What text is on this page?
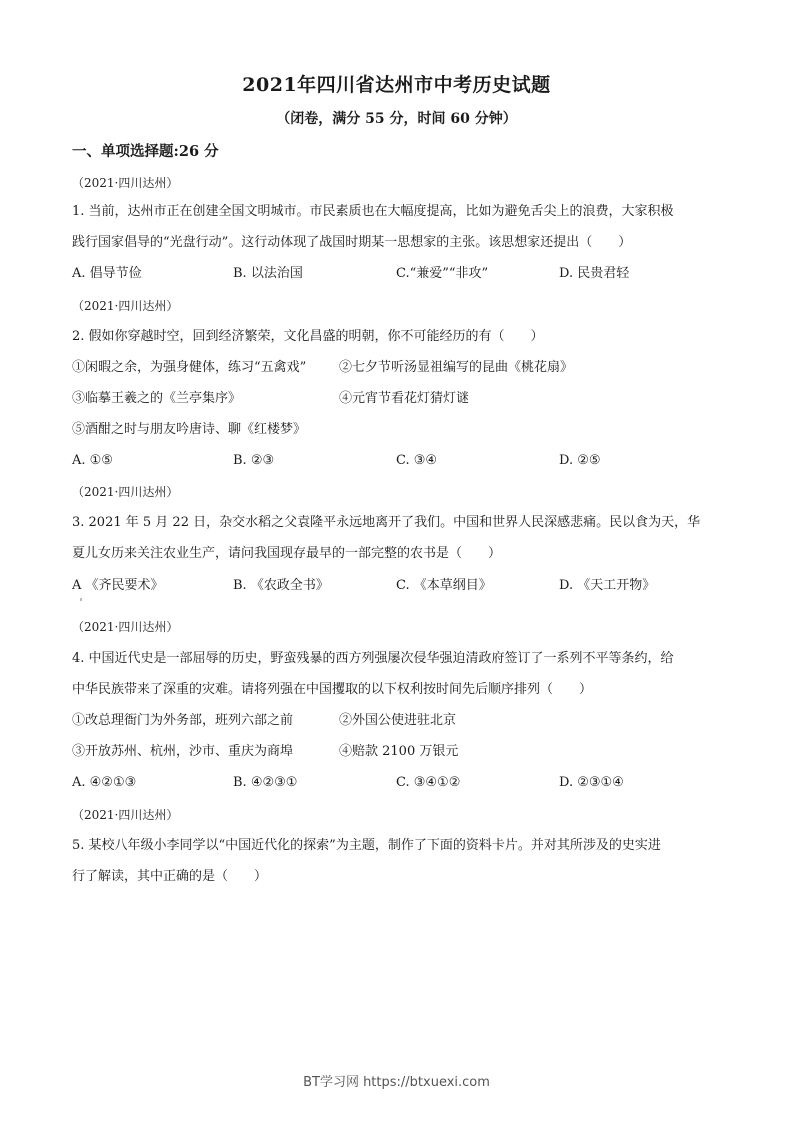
2021年四川省达州市中考历史试题
（闭卷，满分 55 分，时间 60 分钟）
一、单项选择题:26 分
（2021·四川达州）
1. 当前，达州市正在创建全国文明城市。市民素质也在大幅度提高，比如为避免舌尖上的浪费，大家积极
践行国家倡导的“光盘行动”。这行动体现了战国时期某一思想家的主张。该思想家还提出（　　）
A. 倡导节俭	B. 以法治国	C.“兼爱”“非攻”	D. 民贵君轻
（2021·四川达州）
2. 假如你穿越时空，回到经济繁荣，文化昌盛的明朝，你不可能经历的有（　　）
①闲暇之余，为强身健体，练习“五禽戏”	②七夕节听汤显祖编写的昆曲《桃花扇》
③临摹王羲之的《兰亭集序》	④元宵节看花灯猜灯谜
⑤酒酣之时与朋友吟唐诗、聊《红楼梦》
A. ①⑤	B. ②③	C. ③④	D. ②⑤
（2021·四川达州）
3. 2021 年 5 月 22 日，杂交水稻之父袁隆平永远地离开了我们。中国和世界人民深感悲痛。民以食为天，华
夏儿女历来关注农业生产，请问我国现存最早的一部完整的农书是（　　）
A 《齐民要术》	B. 《农政全书》	C. 《本草纲目》	D. 《天工开物》
（2021·四川达州）
4. 中国近代史是一部屈辱的历史，野蛮残暴的西方列强屡次侵华强迫清政府签订了一系列不平等条约，给
中华民族带来了深重的灾难。请将列强在中国攫取的以下权利按时间先后顺序排列（　　）
①改总理衙门为外务部，班列六部之前	②外国公使进驻北京
③开放苏州、杭州，沙市、重庆为商埠	④赔款 2100 万银元
A. ④②①③	B. ④②③①	C. ③④①②	D. ②③①④
（2021·四川达州）
5. 某校八年级小李同学以“中国近代化的探索”为主题，制作了下面的资料卡片。并对其所涉及的史实进
行了解读，其中正确的是（　　）
BT学习网 https://btxuexi.com
